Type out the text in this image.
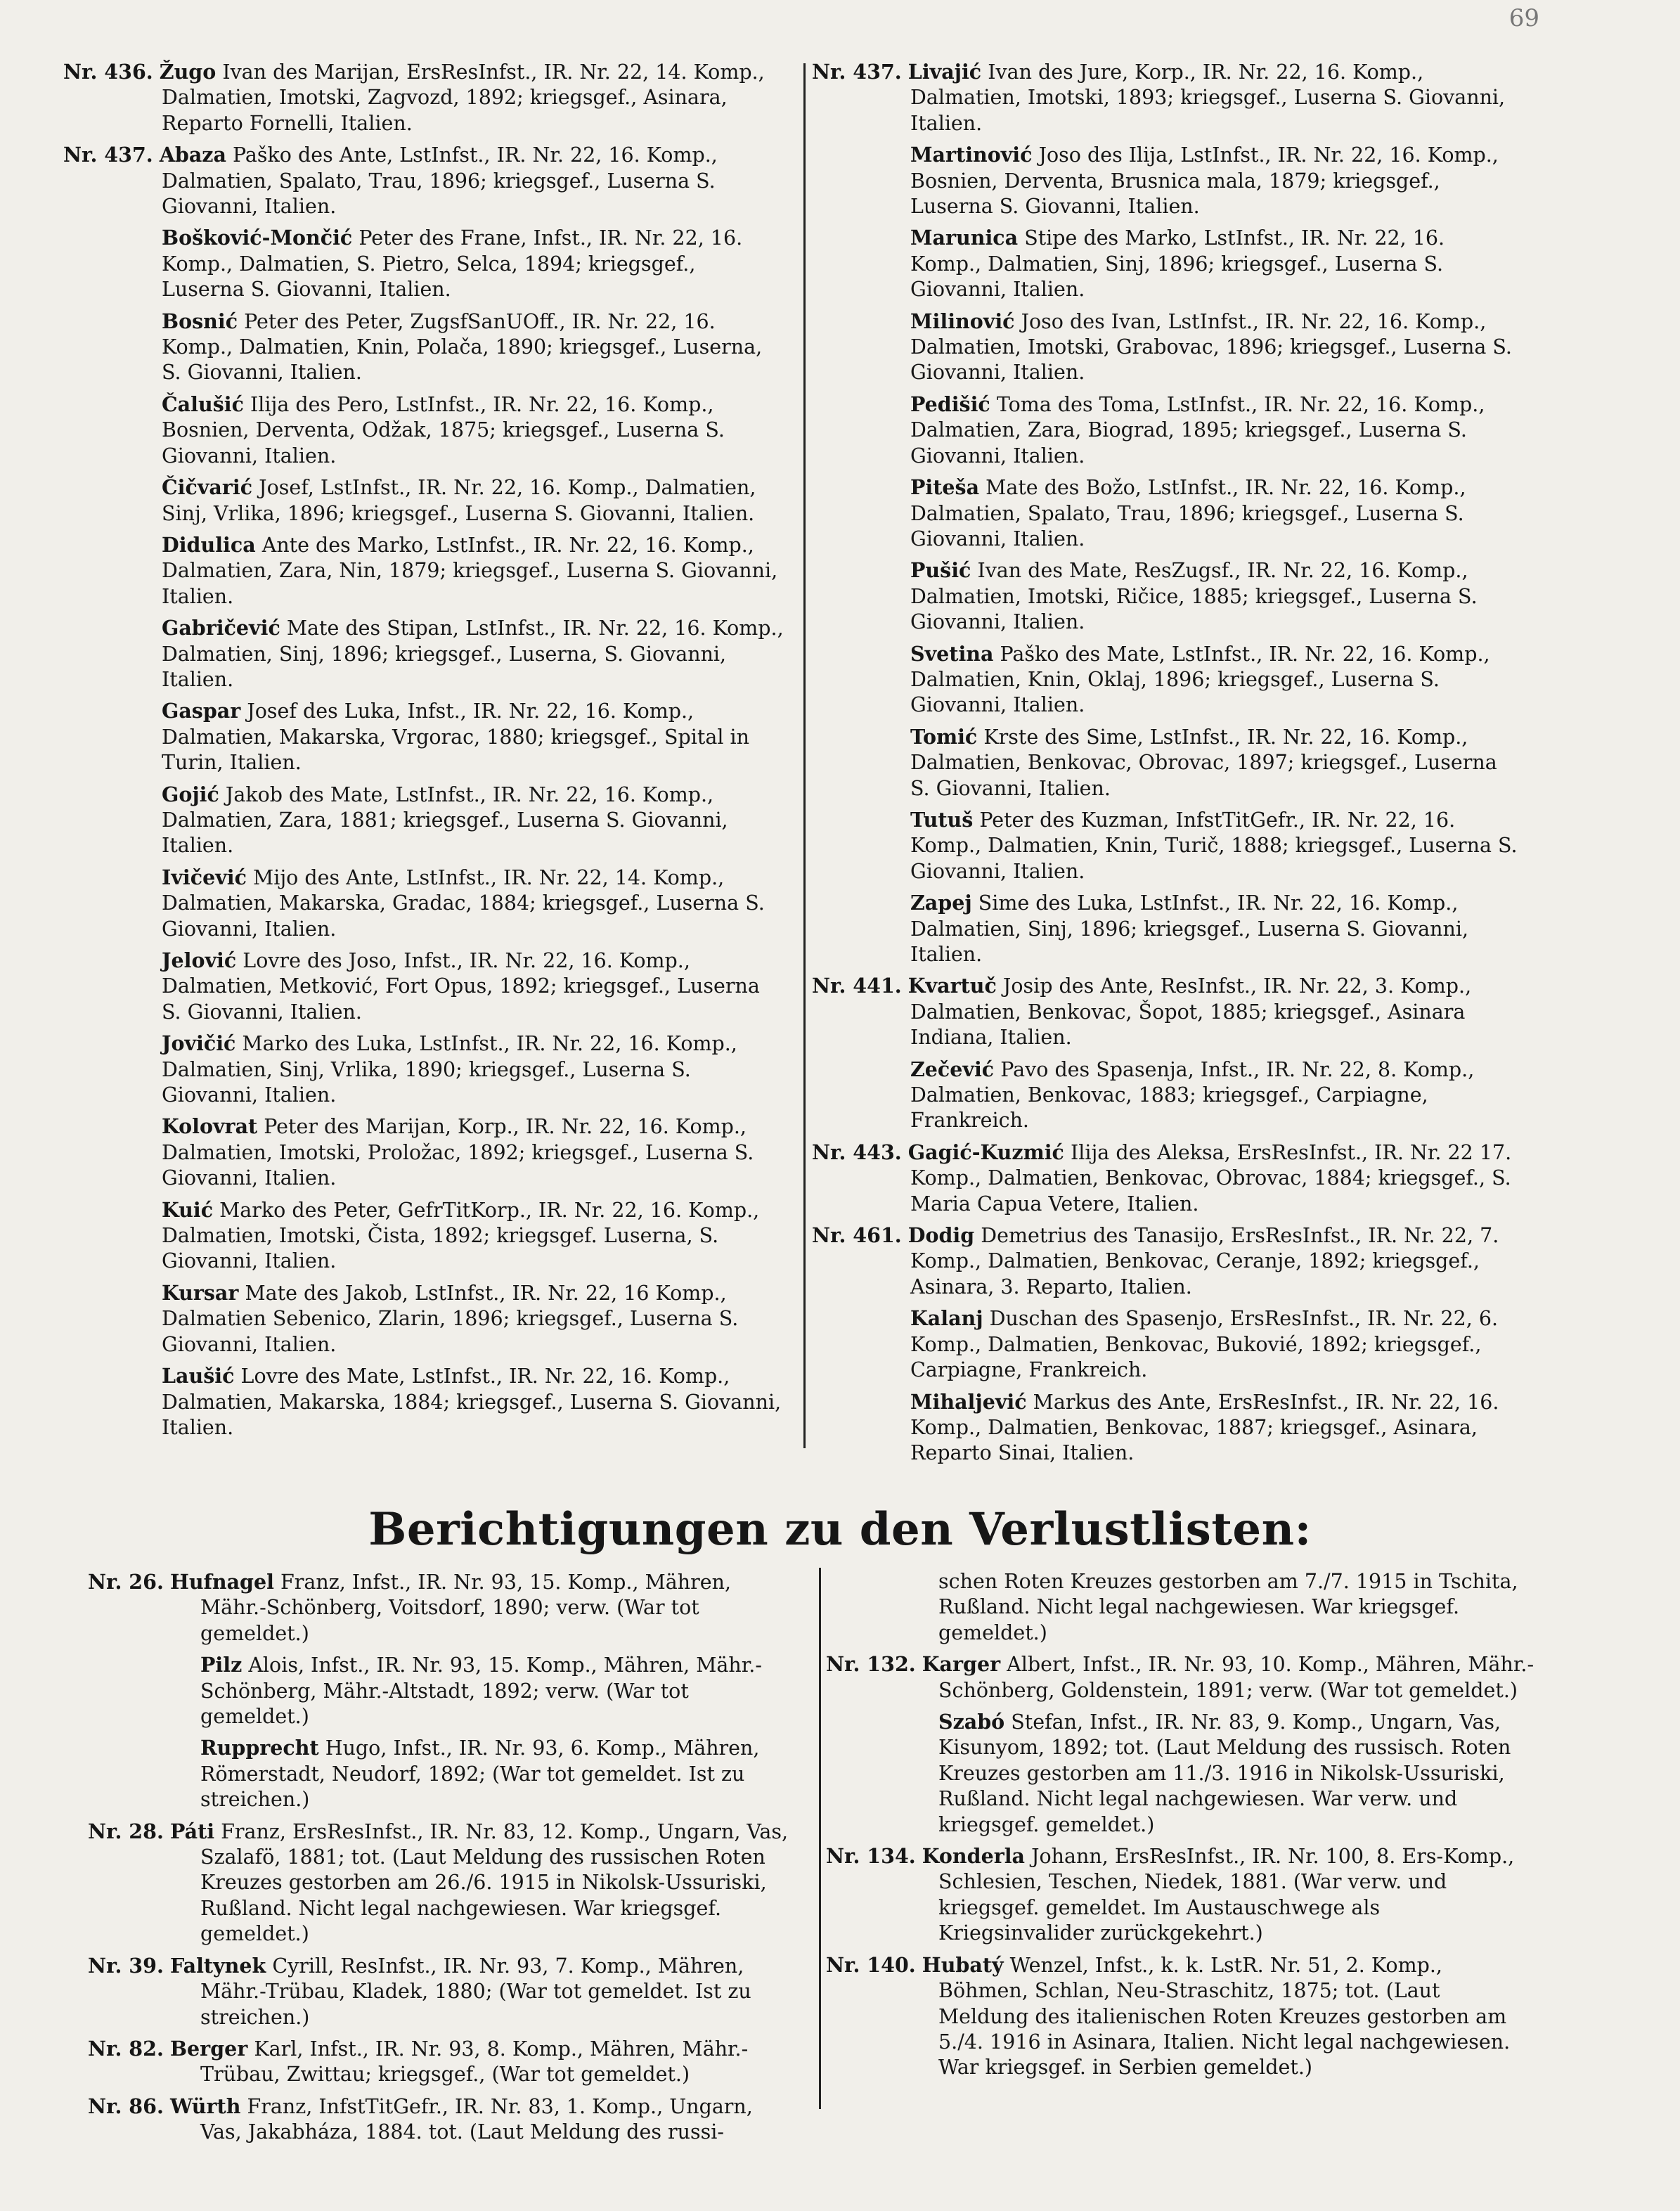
69
Nr. 436. Žugo Ivan des Marijan, ErsResInfst., IR. Nr. 22, 14. Komp., Dalmatien, Imotski, Zagvozd, 1892; kriegsgef., Asinara, Reparto Fornelli, Italien.
Nr. 437. Abaza Paško des Ante, LstInfst., IR. Nr. 22, 16. Komp., Dalmatien, Spalato, Trau, 1896; kriegsgef., Luserna S. Giovanni, Italien.
Bošković-Mončić Peter des Frane, Infst., IR. Nr. 22, 16. Komp., Dalmatien, S. Pietro, Selca, 1894; kriegsgef., Luserna S. Giovanni, Italien.
Bosnić Peter des Peter, ZugsfSanUOff., IR. Nr. 22, 16. Komp., Dalmatien, Knin, Polača, 1890; kriegsgef., Luserna, S. Giovanni, Italien.
Čalušić Ilija des Pero, LstInfst., IR. Nr. 22, 16. Komp., Bosnien, Derventa, Odžak, 1875; kriegsgef., Luserna S. Giovanni, Italien.
Čičvarić Josef, LstInfst., IR. Nr. 22, 16. Komp., Dalmatien, Sinj, Vrlika, 1896; kriegsgef., Luserna S. Giovanni, Italien.
Didulica Ante des Marko, LstInfst., IR. Nr. 22, 16. Komp., Dalmatien, Zara, Nin, 1879; kriegsgef., Luserna S. Giovanni, Italien.
Gabričević Mate des Stipan, LstInfst., IR. Nr. 22, 16. Komp., Dalmatien, Sinj, 1896; kriegsgef., Luserna, S. Giovanni, Italien.
Gaspar Josef des Luka, Infst., IR. Nr. 22, 16. Komp., Dalmatien, Makarska, Vrgorac, 1880; kriegsgef., Spital in Turin, Italien.
Gojić Jakob des Mate, LstInfst., IR. Nr. 22, 16. Komp., Dalmatien, Zara, 1881; kriegsgef., Luserna S. Giovanni, Italien.
Ivičević Mijo des Ante, LstInfst., IR. Nr. 22, 14. Komp., Dalmatien, Makarska, Gradac, 1884; kriegsgef., Luserna S. Giovanni, Italien.
Jelović Lovre des Joso, Infst., IR. Nr. 22, 16. Komp., Dalmatien, Metković, Fort Opus, 1892; kriegsgef., Luserna S. Giovanni, Italien.
Jovičić Marko des Luka, LstInfst., IR. Nr. 22, 16. Komp., Dalmatien, Sinj, Vrlika, 1890; kriegsgef., Luserna S. Giovanni, Italien.
Kolovrat Peter des Marijan, Korp., IR. Nr. 22, 16. Komp., Dalmatien, Imotski, Proložac, 1892; kriegsgef., Luserna S. Giovanni, Italien.
Kuić Marko des Peter, GefrTitKorp., IR. Nr. 22, 16. Komp., Dalmatien, Imotski, Čista, 1892; kriegsgef. Luserna, S. Giovanni, Italien.
Kursar Mate des Jakob, LstInfst., IR. Nr. 22, 16 Komp., Dalmatien Sebenico, Zlarin, 1896; kriegsgef., Luserna S. Giovanni, Italien.
Laušić Lovre des Mate, LstInfst., IR. Nr. 22, 16. Komp., Dalmatien, Makarska, 1884; kriegsgef., Luserna S. Giovanni, Italien.
Nr. 437. Livajić Ivan des Jure, Korp., IR. Nr. 22, 16. Komp., Dalmatien, Imotski, 1893; kriegsgef., Luserna S. Giovanni, Italien.
Martinović Joso des Ilija, LstInfst., IR. Nr. 22, 16. Komp., Bosnien, Derventa, Brusnica mala, 1879; kriegsgef., Luserna S. Giovanni, Italien.
Marunica Stipe des Marko, LstInfst., IR. Nr. 22, 16. Komp., Dalmatien, Sinj, 1896; kriegsgef., Luserna S. Giovanni, Italien.
Milinović Joso des Ivan, LstInfst., IR. Nr. 22, 16. Komp., Dalmatien, Imotski, Grabovac, 1896; kriegsgef., Luserna S. Giovanni, Italien.
Pedišić Toma des Toma, LstInfst., IR. Nr. 22, 16. Komp., Dalmatien, Zara, Biograd, 1895; kriegsgef., Luserna S. Giovanni, Italien.
Piteša Mate des Božo, LstInfst., IR. Nr. 22, 16. Komp., Dalmatien, Spalato, Trau, 1896; kriegsgef., Luserna S. Giovanni, Italien.
Pušić Ivan des Mate, ResZugsf., IR. Nr. 22, 16. Komp., Dalmatien, Imotski, Ričice, 1885; kriegsgef., Luserna S. Giovanni, Italien.
Svetina Paško des Mate, LstInfst., IR. Nr. 22, 16. Komp., Dalmatien, Knin, Oklaj, 1896; kriegsgef., Luserna S. Giovanni, Italien.
Tomić Krste des Sime, LstInfst., IR. Nr. 22, 16. Komp., Dalmatien, Benkovac, Obrovac, 1897; kriegsgef., Luserna S. Giovanni, Italien.
Tutuš Peter des Kuzman, InfstTitGefr., IR. Nr. 22, 16. Komp., Dalmatien, Knin, Turič, 1888; kriegsgef., Luserna S. Giovanni, Italien.
Zapej Sime des Luka, LstInfst., IR. Nr. 22, 16. Komp., Dalmatien, Sinj, 1896; kriegsgef., Luserna S. Giovanni, Italien.
Nr. 441. Kvartuč Josip des Ante, ResInfst., IR. Nr. 22, 3. Komp., Dalmatien, Benkovac, Šopot, 1885; kriegsgef., Asinara Indiana, Italien.
Zečević Pavo des Spasenja, Infst., IR. Nr. 22, 8. Komp., Dalmatien, Benkovac, 1883; kriegsgef., Carpiagne, Frankreich.
Nr. 443. Gagić-Kuzmić Ilija des Aleksa, ErsResInfst., IR. Nr. 22 17. Komp., Dalmatien, Benkovac, Obrovac, 1884; kriegsgef., S. Maria Capua Vetere, Italien.
Nr. 461. Dodig Demetrius des Tanasijo, ErsResInfst., IR. Nr. 22, 7. Komp., Dalmatien, Benkovac, Ceranje, 1892; kriegsgef., Asinara, 3. Reparto, Italien.
Kalanj Duschan des Spasenjo, ErsResInfst., IR. Nr. 22, 6. Komp., Dalmatien, Benkovac, Bukovié, 1892; kriegsgef., Carpiagne, Frankreich.
Mihaljević Markus des Ante, ErsResInfst., IR. Nr. 22, 16. Komp., Dalmatien, Benkovac, 1887; kriegsgef., Asinara, Reparto Sinai, Italien.
Berichtigungen zu den Verlustlisten:
Nr. 26. Hufnagel Franz, Infst., IR. Nr. 93, 15. Komp., Mähren, Mähr.-Schönberg, Voitsdorf, 1890; verw. (War tot gemeldet.)
Pilz Alois, Infst., IR. Nr. 93, 15. Komp., Mähren, Mähr.-Schönberg, Mähr.-Altstadt, 1892; verw. (War tot gemeldet.)
Rupprecht Hugo, Infst., IR. Nr. 93, 6. Komp., Mähren, Römerstadt, Neudorf, 1892; (War tot gemeldet. Ist zu streichen.)
Nr. 28. Páti Franz, ErsResInfst., IR. Nr. 83, 12. Komp., Ungarn, Vas, Szalafö, 1881; tot. (Laut Meldung des russischen Roten Kreuzes gestorben am 26./6. 1915 in Nikolsk-Ussuriski, Rußland. Nicht legal nachgewiesen. War kriegsgef. gemeldet.)
Nr. 39. Faltynek Cyrill, ResInfst., IR. Nr. 93, 7. Komp., Mähren, Mähr.-Trübau, Kladek, 1880; (War tot gemeldet. Ist zu streichen.)
Nr. 82. Berger Karl, Infst., IR. Nr. 93, 8. Komp., Mähren, Mähr.-Trübau, Zwittau; kriegsgef., (War tot gemeldet.)
Nr. 86. Würth Franz, InfstTitGefr., IR. Nr. 83, 1. Komp., Ungarn, Vas, Jakabháza, 1884. tot. (Laut Meldung des russi-
schen Roten Kreuzes gestorben am 7./7. 1915 in Tschita, Rußland. Nicht legal nachgewiesen. War kriegsgef. gemeldet.)
Nr. 132. Karger Albert, Infst., IR. Nr. 93, 10. Komp., Mähren, Mähr.-Schönberg, Goldenstein, 1891; verw. (War tot gemeldet.)
Szabó Stefan, Infst., IR. Nr. 83, 9. Komp., Ungarn, Vas, Kisunyom, 1892; tot. (Laut Meldung des russisch. Roten Kreuzes gestorben am 11./3. 1916 in Nikolsk-Ussuriski, Rußland. Nicht legal nachgewiesen. War verw. und kriegsgef. gemeldet.)
Nr. 134. Konderla Johann, ErsResInfst., IR. Nr. 100, 8. Ers-Komp., Schlesien, Teschen, Niedek, 1881. (War verw. und kriegsgef. gemeldet. Im Austauschwege als Kriegsinvalider zurückgekehrt.)
Nr. 140. Hubatý Wenzel, Infst., k. k. LstR. Nr. 51, 2. Komp., Böhmen, Schlan, Neu-Straschitz, 1875; tot. (Laut Meldung des italienischen Roten Kreuzes gestorben am 5./4. 1916 in Asinara, Italien. Nicht legal nachgewiesen. War kriegsgef. in Serbien gemeldet.)
